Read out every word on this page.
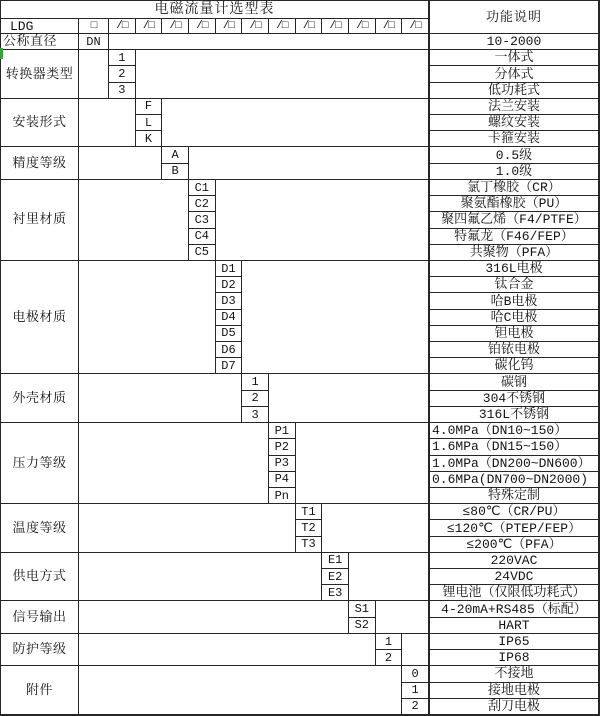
电磁流量计选型表	功能说明
LDG	□
公称直径	DN	10-2000
/□	/□	/□	/□	/□	/□	/□	/□	/□	/□	/□	/□
转换器类型
1	一体式
2	分体式
3	低功耗式
安装形式
F	法兰安装
L	螺纹安装
K	卡箍安装
精度等级
A	0.5级
B	1.0级
衬里材质
C1	氯丁橡胶（CR）
C2	聚氨酯橡胶（PU）
C3	聚四氟乙烯（F4/PTFE）
C4	特氟龙（F46/FEP）
C5	共聚物（PFA）
电极材质
D1	316L电极
D2	钛合金
D3	哈B电极
D4	哈C电极
D5	钽电极
D6	铂铱电极
D7	碳化钨
外壳材质
1	碳钢
2	304不锈钢
3	316L不锈钢
压力等级
P1	4.0MPa（DN10~150）
P2	1.6MPa（DN15~150）
P3	1.0MPa（DN200~DN600）
P4	0.6MPa(DN700~DN2000)
Pn	特殊定制
温度等级
T1	≤80℃（CR/PU）
T2	≤120℃（PTEP/FEP）
T3	≤200℃（PFA）
供电方式
E1	220VAC
E2	24VDC
E3	锂电池（仅限低功耗式）
信号输出
S1	4-20mA+RS485（标配）
S2	HART
防护等级
1	IP65
2	IP68
附件
0	不接地
1	接地电极
2	刮刀电极
